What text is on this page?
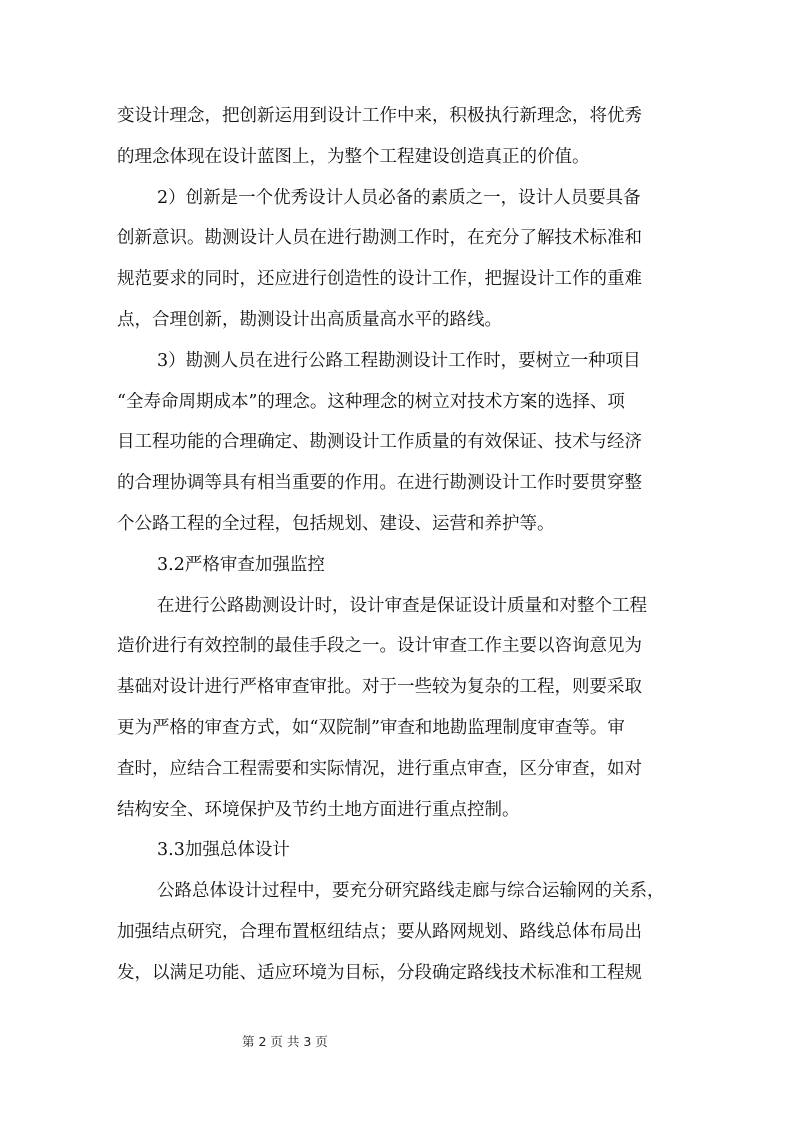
变设计理念，把创新运用到设计工作中来，积极执行新理念，将优秀
的理念体现在设计蓝图上，为整个工程建设创造真正的价值。
2）创新是一个优秀设计人员必备的素质之一，设计人员要具备
创新意识。勘测设计人员在进行勘测工作时，在充分了解技术标准和
规范要求的同时，还应进行创造性的设计工作，把握设计工作的重难
点，合理创新，勘测设计出高质量高水平的路线。
3）勘测人员在进行公路工程勘测设计工作时，要树立一种项目
“全寿命周期成本”的理念。这种理念的树立对技术方案的选择、项
目工程功能的合理确定、勘测设计工作质量的有效保证、技术与经济
的合理协调等具有相当重要的作用。在进行勘测设计工作时要贯穿整
个公路工程的全过程，包括规划、建设、运营和养护等。
3.2严格审查加强监控
在进行公路勘测设计时，设计审查是保证设计质量和对整个工程
造价进行有效控制的最佳手段之一。设计审查工作主要以咨询意见为
基础对设计进行严格审查审批。对于一些较为复杂的工程，则要采取
更为严格的审查方式，如“双院制”审查和地勘监理制度审查等。审
查时，应结合工程需要和实际情况，进行重点审查，区分审查，如对
结构安全、环境保护及节约土地方面进行重点控制。
3.3加强总体设计
公路总体设计过程中，要充分研究路线走廊与综合运输网的关系，
加强结点研究，合理布置枢纽结点；要从路网规划、路线总体布局出
发，以满足功能、适应环境为目标，分段确定路线技术标准和工程规
第 2 页 共 3 页
